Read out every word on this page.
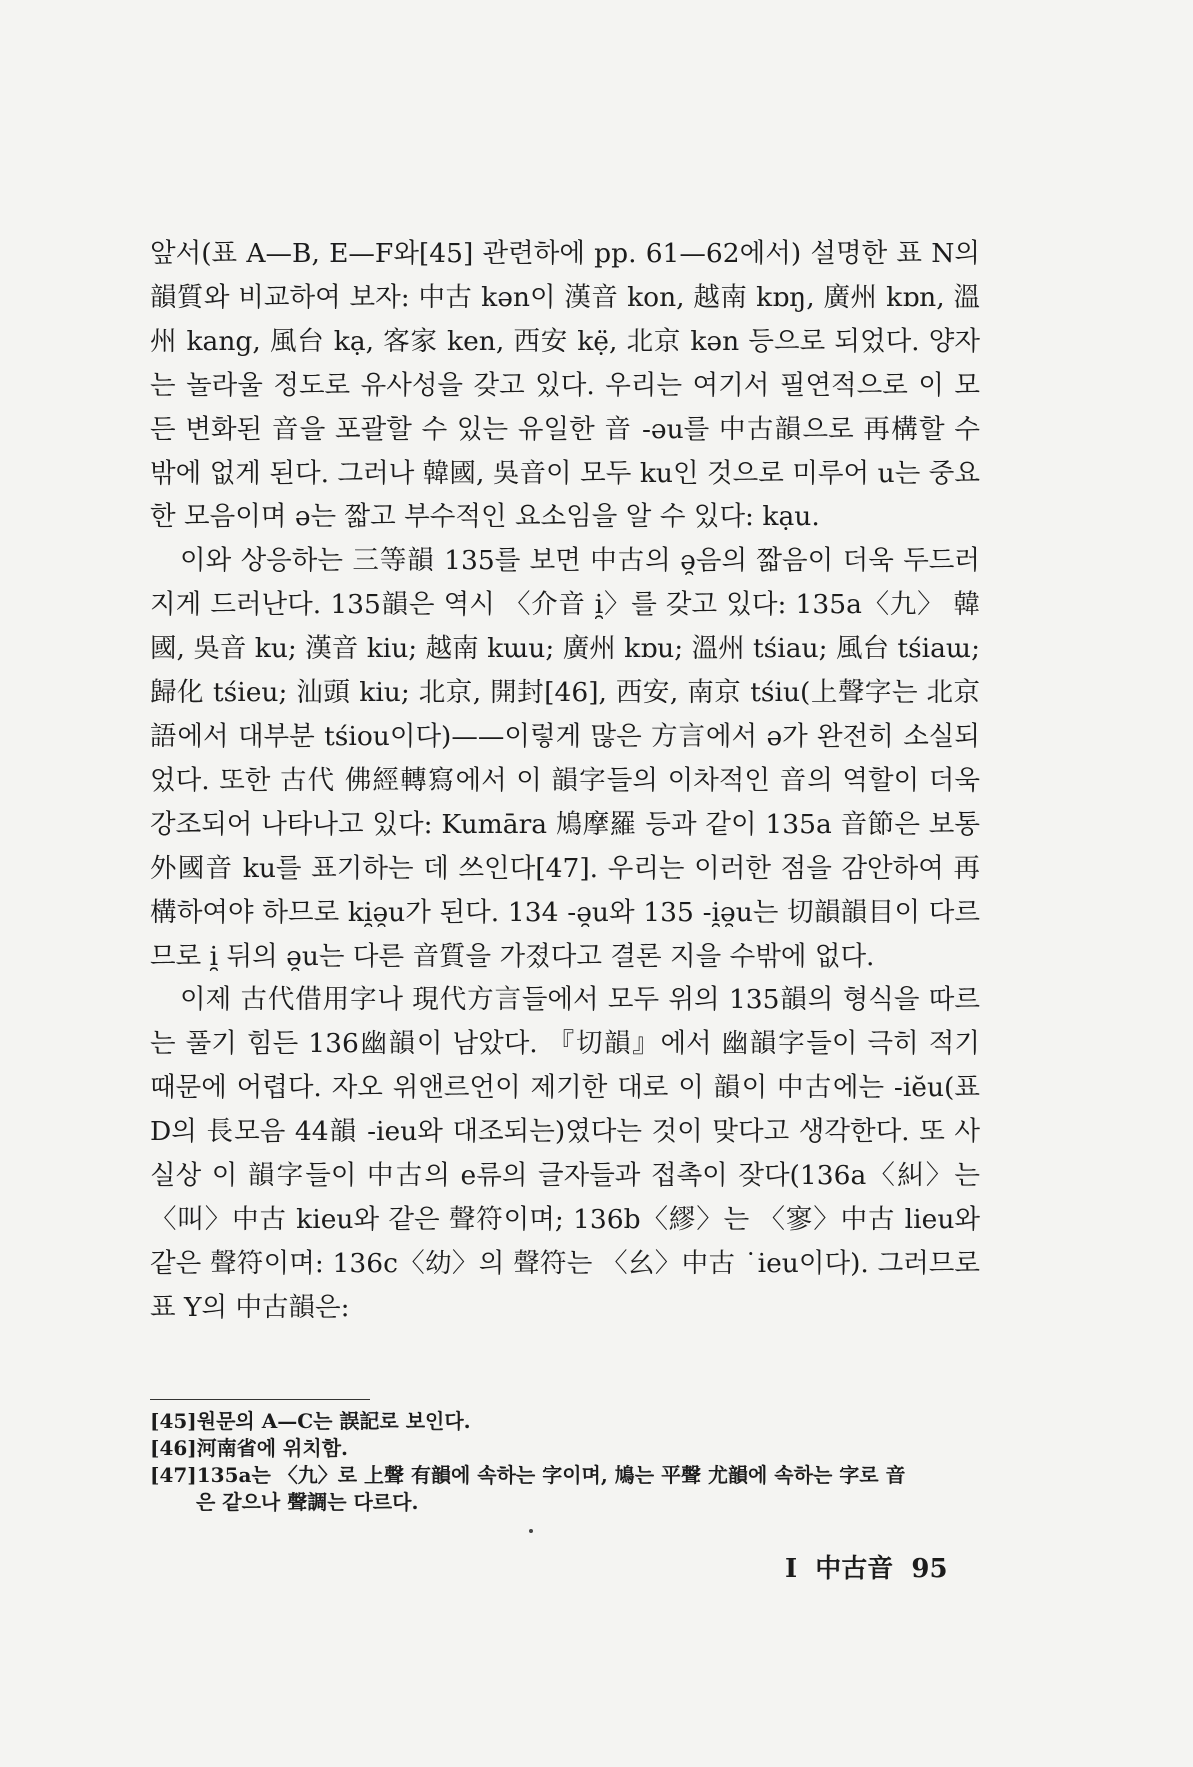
앞서(표 A—B, E—F와[45] 관련하에 pp. 61—62에서) 설명한 표 N의 韻質와 비교하여 보자: 中古 kən이 漢音 kon, 越南 kɒŋ, 廣州 kɒn, 溫州 kang, 風台 kạ, 客家 ken, 西安 kẹ̈, 北京 kən 등으로 되었다. 양자는 놀라울 정도로 유사성을 갖고 있다. 우리는 여기서 필연적으로 이 모든 변화된 音을 포괄할 수 있는 유일한 音 -əu를 中古韻으로 再構할 수밖에 없게 된다. 그러나 韓國, 吳音이 모두 ku인 것으로 미루어 u는 중요한 모음이며 ə는 짧고 부수적인 요소임을 알 수 있다: kạu.

이와 상응하는 三等韻 135를 보면 中古의 ə̯음의 짧음이 더욱 두드러지게 드러난다. 135韻은 역시 〈介音 i̯〉를 갖고 있다: 135a〈九〉 韓國, 吳音 ku; 漢音 kiu; 越南 kɯu; 廣州 kɒu; 溫州 tśiau; 風台 tśiaɯ; 歸化 tśieu; 汕頭 kiu; 北京, 開封[46], 西安, 南京 tśiu(上聲字는 北京語에서 대부분 tśiou이다)——이렇게 많은 方言에서 ə가 완전히 소실되었다. 또한 古代 佛經轉寫에서 이 韻字들의 이차적인 音의 역할이 더욱 강조되어 나타나고 있다: Kumāra 鳩摩羅 등과 같이 135a 音節은 보통 外國音 ku를 표기하는 데 쓰인다[47]. 우리는 이러한 점을 감안하여 再構하여야 하므로 ki̯ə̯u가 된다. 134 -ə̯u와 135 -i̯ə̯u는 切韻韻目이 다르므로 i̯ 뒤의 ə̯u는 다른 音質을 가졌다고 결론 지을 수밖에 없다.

이제 古代借用字나 現代方言들에서 모두 위의 135韻의 형식을 따르는 풀기 힘든 136幽韻이 남았다. 『切韻』에서 幽韻字들이 극히 적기 때문에 어렵다. 자오 위앤르언이 제기한 대로 이 韻이 中古에는 -iĕu(표 D의 長모음 44韻 -ieu와 대조되는)였다는 것이 맞다고 생각한다. 또 사실상 이 韻字들이 中古의 e류의 글자들과 접촉이 잦다(136a〈糾〉는 〈叫〉中古 kieu와 같은 聲符이며; 136b〈繆〉는 〈寥〉中古 lieu와 같은 聲符이며: 136c〈幼〉의 聲符는 〈幺〉中古 ˙ieu이다). 그러므로 표 Y의 中古韻은:

[45]원문의 A—C는 誤記로 보인다.

[46]河南省에 위치함.

[47]135a는 〈九〉로 上聲 有韻에 속하는 字이며, 鳩는 平聲 尤韻에 속하는 字로 音
은 같으나 聲調는 다르다.

I 中古音 95
